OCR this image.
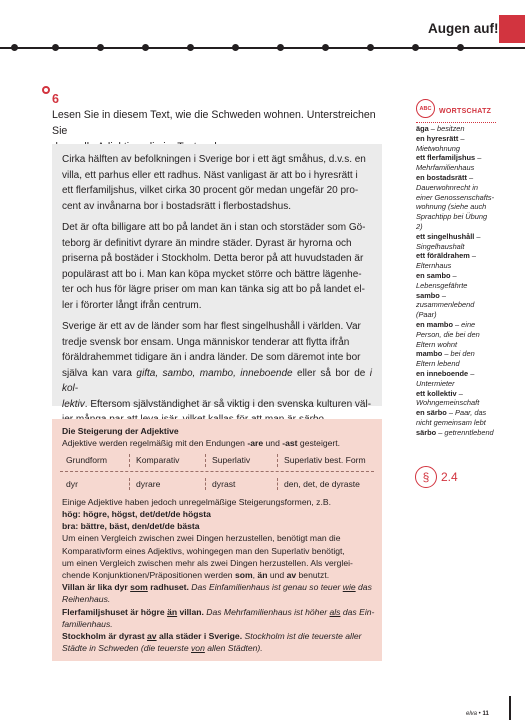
Augen auf!
6
Lesen Sie in diesem Text, wie die Schweden wohnen. Unterstreichen Sie

Cirka hälften av befolkningen i Sverige bor i ett ägt småhus, d.v.s. en
villa, ett parhus eller ett radhus. Näst vanligast är att bo i hyresrätt i
ett flerfamiljshus, vilket cirka 30 procent gör medan ungefär 20 pro-
cent av invånarna bor i bostadsrätt i flerbostadshus.

Det är ofta billigare att bo på landet än i stan och storstäder som Gö-
teborg är definitivt dyrare än mindre städer. Dyrast är hyrorna och
priserna på bostäder i Stockholm. Detta beror på att huvudstaden är
populärast att bo i. Man kan köpa mycket större och bättre lägenhe-
ter och hus för lägre priser om man kan tänka sig att bo på landet el-
ler i förorter långt ifrån centrum.

Sverige är ett av de länder som har flest singelhushåll i världen. Var
tredje svensk bor ensam. Unga människor tenderar att flytta ifrån
föräldrahemmet tidigare än i andra länder. De som däremot inte bor
själva kan vara gifta, sambo, mambo, inneboende eller så bor de i kol-
lektiv. Eftersom självständighet är så viktig i den svenska kulturen väl-

Die Steigerung der Adjektive
Adjektive werden regelmäßig mit den Endungen -are und -ast gesteigert.
Grundform	Komparativ	Superlativ	Superlativ best. Form
dyr	dyrare	dyrast	den, det, de dyraste
Einige Adjektive haben jedoch unregelmäßige Steigerungsformen, z.B.
hög: högre, högst, det/det/de högsta
bra: bättre, bäst, den/det/de bästa
Um einen Vergleich zwischen zwei Dingen herzustellen, benötigt man die
Komparativform eines Adjektivs, wohingegen man den Superlativ benötigt,
um einen Vergleich zwischen mehr als zwei Dingen herzustellen. Als verglei-
chende Konjunktionen/Präpositionen werden som, än und av benutzt.
Villan är lika dyr som radhuset. Das Einfamilienhaus ist genau so teuer wie das
Reihenhaus.
Flerfamiljshuset är högre än villan. Das Mehrfamilienhaus ist höher als das Ein-
familienhaus.
Stockholm är dyrast av alla städer i Sverige. Stockholm ist die teuerste aller
Städte in Schweden (die teuerste von allen Städten).
ABC	WORTSCHATZ
äga – besitzen
en hyresrätt –
Mietwohnung
ett flerfamiljshus –
Mehrfamilienhaus
en bostadsrätt –
Dauerwohnrecht in
einer Genossenschafts-
wohnung (siehe auch
Sprachtipp bei Übung
2)
ett singelhushåll –
Singelhaushalt
ett föräldrahem –
Elternhaus
en sambo –
Lebensgefährte
sambo –
zusammenlebend
(Paar)
en mambo – eine
Person, die bei den
Eltern wohnt
mambo – bei den
Eltern lebend
en inneboende –
Untermieter
ett kollektiv –
Wohngemeinschaft
en särbo – Paar, das
nicht gemeinsam lebt
särbo – getrenntlebend
§ 2.4
elva • 11
